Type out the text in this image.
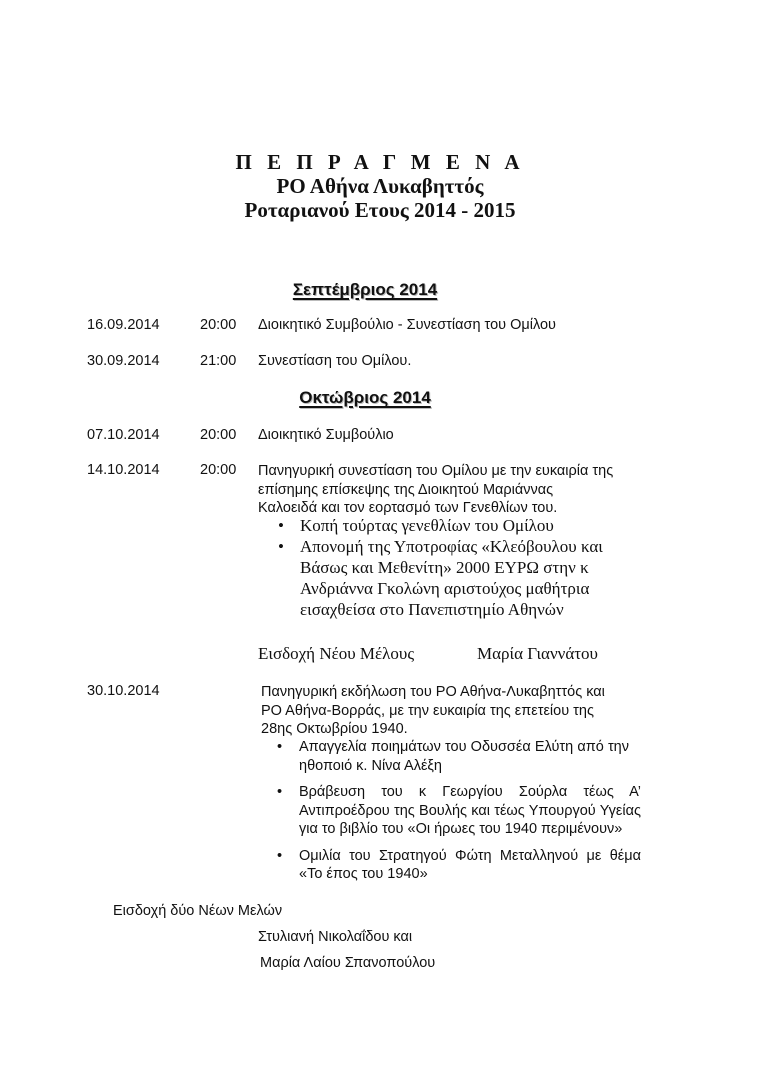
Π Ε Π Ρ Α Γ Μ Ε Ν Α
ΡΟ Αθήνα Λυκαβηττός
Ροταριανού Ετους 2014 - 2015
Σεπτέμβριος 2014
16.09.2014	20:00 Διοικητικό Συμβούλιο - Συνεστίαση του Ομίλου
30.09.2014	21:00 Συνεστίαση του Ομίλου.
Οκτώβριος 2014
07.10.2014	20:00 Διοικητικό Συμβούλιο
14.10.2014	20:00 Πανηγυρική συνεστίαση του Ομίλου με την ευκαιρία της
επίσημης επίσκεψης της Διοικητού Μαριάννας
Καλοειδά και τον εορτασμό των Γενεθλίων του.
• Κοπή τούρτας γενεθλίων του Ομίλου
• Απονομή της Υποτροφίας «Κλεόβουλου και
Βάσως και Μεθενίτη» 2000 ΕΥΡΩ στην κ
Ανδριάννα Γκολώνη αριστούχος μαθήτρια
εισαχθείσα στο Πανεπιστημίο Αθηνών
Εισδοχή Νέου Μέλους	Μαρία Γιαννάτου
30.10.2014	Πανηγυρική εκδήλωση του ΡΟ Αθήνα-Λυκαβηττός και
ΡΟ Αθήνα-Βορράς, με την ευκαιρία της επετείου της
28ης Οκτωβρίου 1940.
• Απαγγελία ποιημάτων του Οδυσσέα Ελύτη από την ηθοποιό κ. Νίνα Αλέξη
• Βράβευση του κ Γεωργίου Σούρλα τέως Α’ Αντιπροέδρου της Βουλής και τέως Υπουργού Υγείας για το βιβλίο του «Οι ήρωες του 1940 περιμένουν»
• Ομιλία του Στρατηγού Φώτη Μεταλληνού με θέμα «Το έπος του 1940»
Εισδοχή δύο Νέων Μελών
Στυλιανή Νικολαΐδου και
Μαρία Λαίου Σπανοπούλου
